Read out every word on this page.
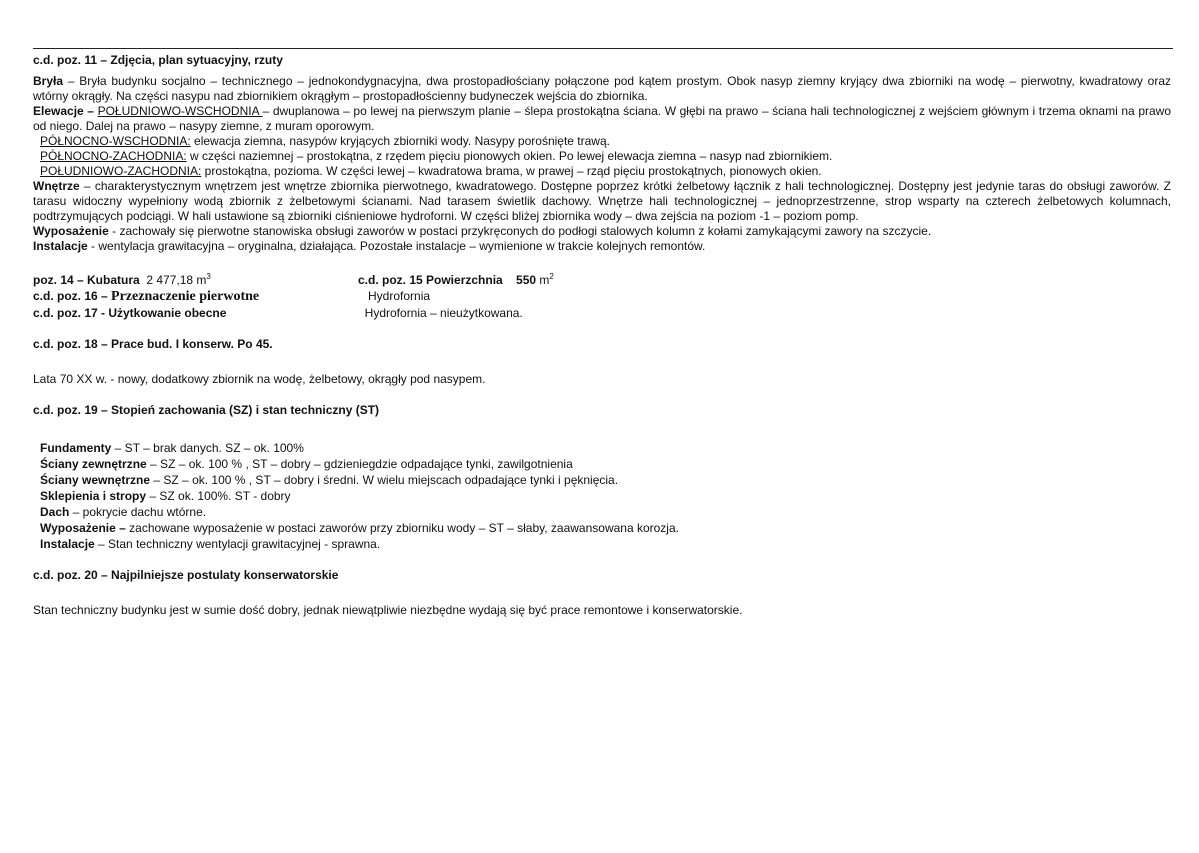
c.d. poz. 11 – Zdjęcia, plan sytuacyjny, rzuty

Bryła – Bryła budynku socjalno – technicznego – jednokondygnacyjna, dwa prostopadłościany połączone pod kątem prostym. Obok nasyp ziemny kryjący dwa zbiorniki na wodę – pierwotny, kwadratowy oraz wtórny okrągły. Na części nasypu nad zbiornikiem okrągłym – prostopadłościenny budyneczek wejścia do zbiornika.

Elewacje – POŁUDNIOWO-WSCHODNIA – dwuplanowa – po lewej na pierwszym planie – ślepa prostokątna ściana. W głębi na prawo – ściana hali technologicznej z wejściem głównym i trzema oknami na prawo od niego. Dalej na prawo – nasypy ziemne, z muram oporowym.

PÓŁNOCNO-WSCHODNIA: elewacja ziemna, nasypów kryjących zbiorniki wody. Nasypy porośnięte trawą.

PÓŁNOCNO-ZACHODNIA: w części naziemnej – prostokątna, z rzędem pięciu pionowych okien. Po lewej elewacja ziemna – nasyp nad zbiornikiem.

POŁUDNIOWO-ZACHODNIA: prostokątna, pozioma. W części lewej – kwadratowa brama, w prawej – rząd pięciu prostokątnych, pionowych okien.

Wnętrze – charakterystycznym wnętrzem jest wnętrze zbiornika pierwotnego, kwadratowego. Dostępne poprzez krótki żelbetowy łącznik z hali technologicznej. Dostępny jest jedynie taras do obsługi zaworów. Z tarasu widoczny wypełniony wodą zbiornik z żelbetowymi ścianami. Nad tarasem świetlik dachowy. Wnętrze hali technologicznej – jednoprzestrzenne, strop wsparty na czterech żelbetowych kolumnach, podtrzymujących podciągi. W hali ustawione są zbiorniki ciśnieniowe hydroforni. W części bliżej zbiornika wody – dwa zejścia na poziom -1 – poziom pomp.

Wyposażenie - zachowały się pierwotne stanowiska obsługi zaworów w postaci przykręconych do podłogi stalowych kolumn z kołami zamykającymi zawory na szczycie.

Instalacje - wentylacja grawitacyjna – oryginalna, działająca. Pozostałe instalacje – wymienione w trakcie kolejnych remontów.

poz. 14 – Kubatura 2 477,18 $m^3$	c.d. poz. 15 Powierzchnia 550 $m^2$
c.d. poz. 16 – Przeznaczenie pierwotne	Hydrofornia
c.d. poz. 17 - Użytkowanie obecne	Hydrofornia – nieużytkowana.

c.d. poz. 18 – Prace bud. I konserw. Po 45.

Lata 70 XX w. - nowy, dodatkowy zbiornik na wodę, żelbetowy, okrągły pod nasypem.

c.d. poz. 19 – Stopień zachowania (SZ) i stan techniczny (ST)

Fundamenty – ST – brak danych. SZ – ok. 100%

Ściany zewnętrzne – SZ – ok. 100 % , ST – dobry – gdzieniegdzie odpadające tynki, zawilgotnienia

Ściany wewnętrzne – SZ – ok. 100 % , ST – dobry i średni. W wielu miejscach odpadające tynki i pęknięcia.

Sklepienia i stropy – SZ ok. 100%. ST - dobry

Dach – pokrycie dachu wtórne.

Wyposażenie – zachowane wyposażenie w postaci zaworów przy zbiorniku wody – ST – słaby, zaawansowana korozja.

Instalacje – Stan techniczny wentylacji grawitacyjnej - sprawna.

c.d. poz. 20 – Najpilniejsze postulaty konserwatorskie

Stan techniczny budynku jest w sumie dość dobry, jednak niewątpliwie niezbędne wydają się być prace remontowe i konserwatorskie.
